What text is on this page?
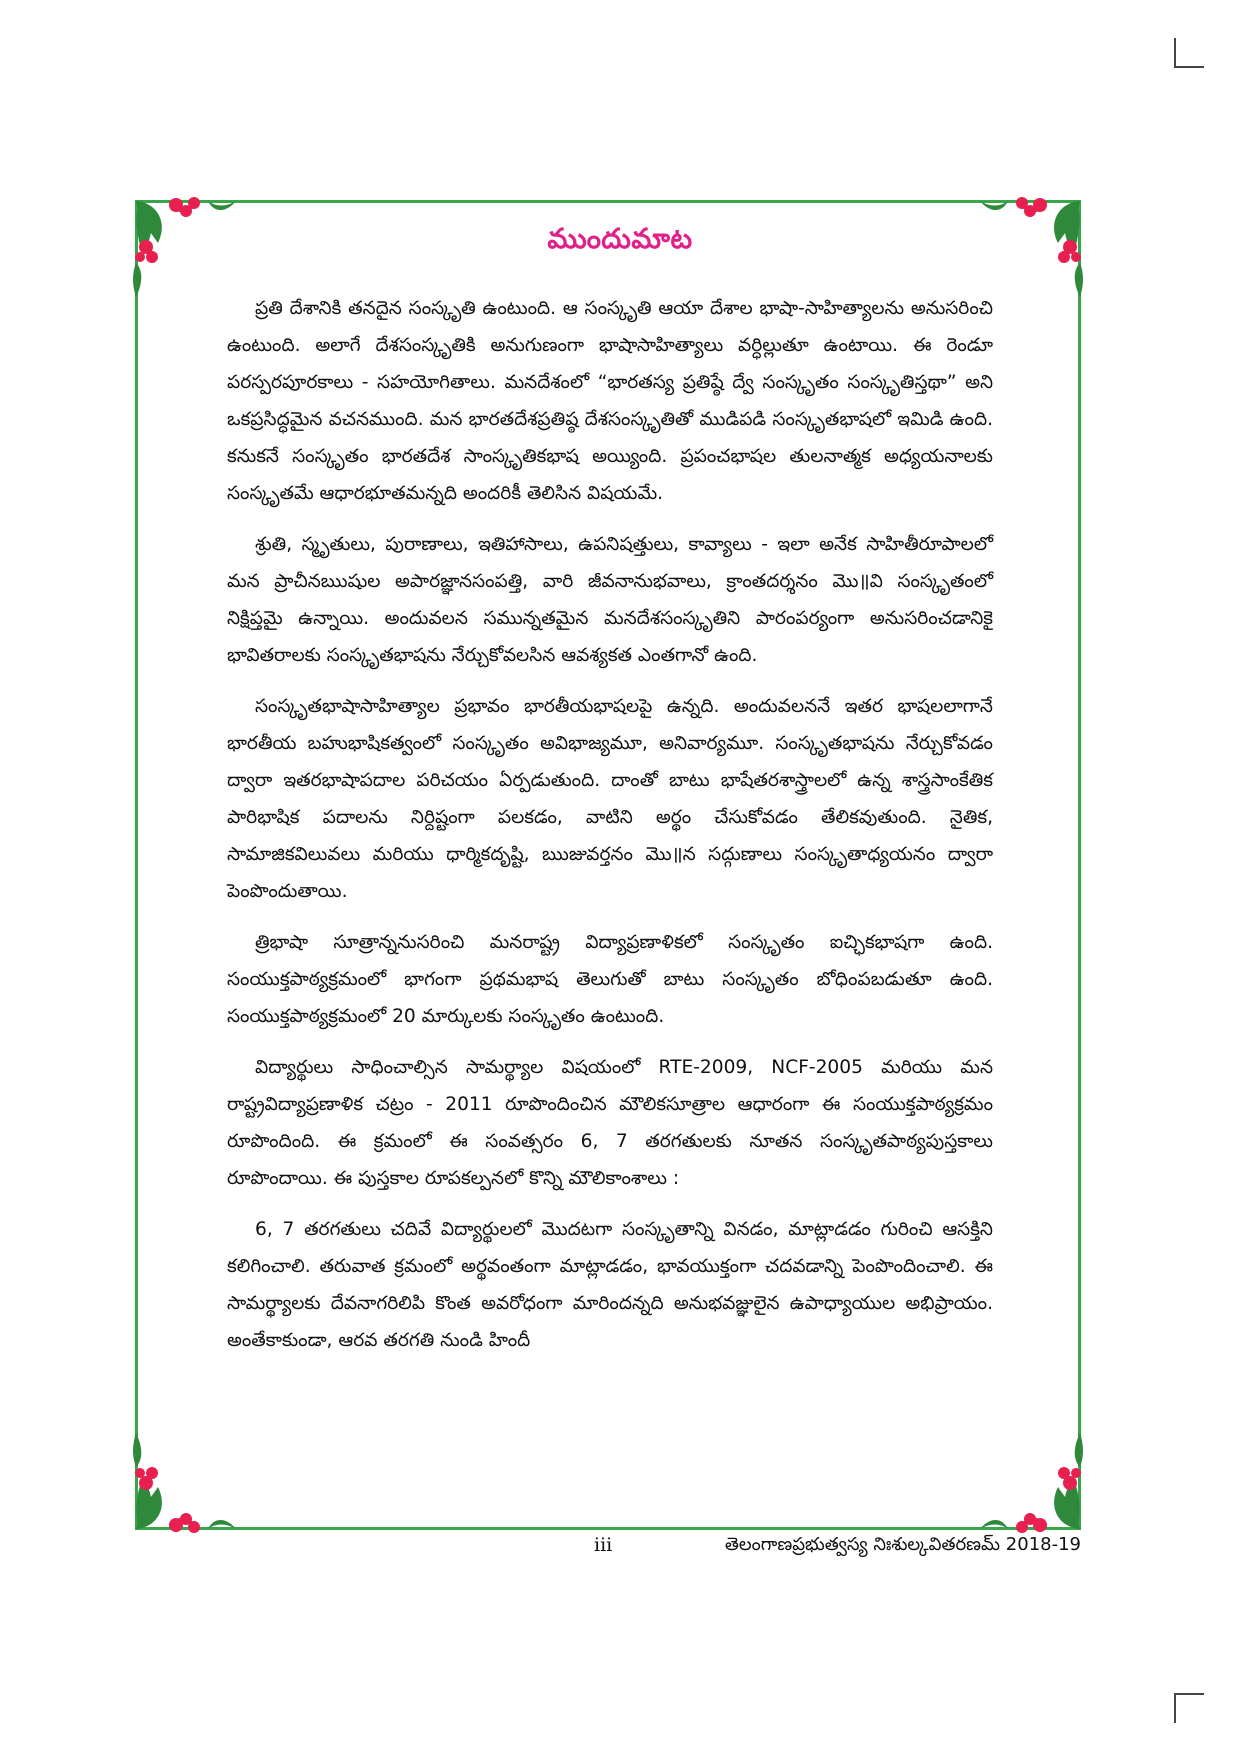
ముందుమాట

ప్రతి దేశానికి తనదైన సంస్కృతి ఉంటుంది. ఆ సంస్కృతి ఆయా దేశాల భాషా-సాహిత్యాలను అనుసరించి ఉంటుంది. అలాగే దేశసంస్కృతికి అనుగుణంగా భాషాసాహిత్యాలు వర్ధిల్లుతూ ఉంటాయి. ఈ రెండూ పరస్పరపూరకాలు - సహయోగితాలు. మనదేశంలో “భారతస్య ప్రతిష్ఠే ద్వే సంస్కృతం సంస్కృతిస్తథా” అని ఒకప్రసిద్ధమైన వచనముంది. మన భారతదేశప్రతిష్ఠ దేశసంస్కృతితో ముడిపడి సంస్కృతభాషలో ఇమిడి ఉంది. కనుకనే సంస్కృతం భారతదేశ సాంస్కృతికభాష అయ్యింది. ప్రపంచభాషల తులనాత్మక అధ్యయనాలకు సంస్కృతమే ఆధారభూతమన్నది అందరికీ తెలిసిన విషయమే.

శ్రుతి, స్మృతులు, పురాణాలు, ఇతిహాసాలు, ఉపనిషత్తులు, కావ్యాలు - ఇలా అనేక సాహితీరూపాలలో మన ప్రాచీనఋషుల అపారజ్ఞానసంపత్తి, వారి జీవనానుభవాలు, క్రాంతదర్శనం మొ॥వి సంస్కృతంలో నిక్షిప్తమై ఉన్నాయి. అందువలన సమున్నతమైన మనదేశసంస్కృతిని పారంపర్యంగా అనుసరించడానికై భావితరాలకు సంస్కృతభాషను నేర్చుకోవలసిన ఆవశ్యకత ఎంతగానో ఉంది.

సంస్కృతభాషాసాహిత్యాల ప్రభావం భారతీయభాషలపై ఉన్నది. అందువలననే ఇతర భాషలలాగానే భారతీయ బహుభాషికత్వంలో సంస్కృతం అవిభాజ్యమూ, అనివార్యమూ. సంస్కృతభాషను నేర్చుకోవడం ద్వారా ఇతరభాషాపదాల పరిచయం ఏర్పడుతుంది. దాంతో బాటు భాషేతరశాస్త్రాలలో ఉన్న శాస్త్రసాంకేతిక పారిభాషిక పదాలను నిర్దిష్టంగా పలకడం, వాటిని అర్థం చేసుకోవడం తేలికవుతుంది. నైతిక, సామాజికవిలువలు మరియు ధార్మికదృష్టి, ఋజువర్తనం మొ॥న సద్గుణాలు సంస్కృతాధ్యయనం ద్వారా పెంపొందుతాయి.

త్రిభాషా సూత్రాన్ననుసరించి మనరాష్ట్ర విద్యాప్రణాళికలో సంస్కృతం ఐచ్ఛికభాషగా ఉంది. సంయుక్తపాఠ్యక్రమంలో భాగంగా ప్రథమభాష తెలుగుతో బాటు సంస్కృతం బోధింపబడుతూ ఉంది. సంయుక్తపాఠ్యక్రమంలో 20 మార్కులకు సంస్కృతం ఉంటుంది.

విద్యార్థులు సాధించాల్సిన సామర్థ్యాల విషయంలో RTE-2009, NCF-2005 మరియు మన రాష్ట్రవిద్యాప్రణాళిక చట్రం - 2011 రూపొందించిన మౌలికసూత్రాల ఆధారంగా ఈ సంయుక్తపాఠ్యక్రమం రూపొందింది. ఈ క్రమంలో ఈ సంవత్సరం 6, 7 తరగతులకు నూతన సంస్కృతపాఠ్యపుస్తకాలు రూపొందాయి. ఈ పుస్తకాల రూపకల్పనలో కొన్ని మౌలికాంశాలు :

6, 7 తరగతులు చదివే విద్యార్థులలో మొదటగా సంస్కృతాన్ని వినడం, మాట్లాడడం గురించి ఆసక్తిని కలిగించాలి. తరువాత క్రమంలో అర్థవంతంగా మాట్లాడడం, భావయుక్తంగా చదవడాన్ని పెంపొందించాలి. ఈ సామర్థ్యాలకు దేవనాగరిలిపి కొంత అవరోధంగా మారిందన్నది అనుభవజ్ఞులైన ఉపాధ్యాయుల అభిప్రాయం. అంతేకాకుండా, ఆరవ తరగతి నుండి హిందీ

iii	తెలంగాణప్రభుత్వస్య నిఃశుల్కవితరణమ్ 2018-19
